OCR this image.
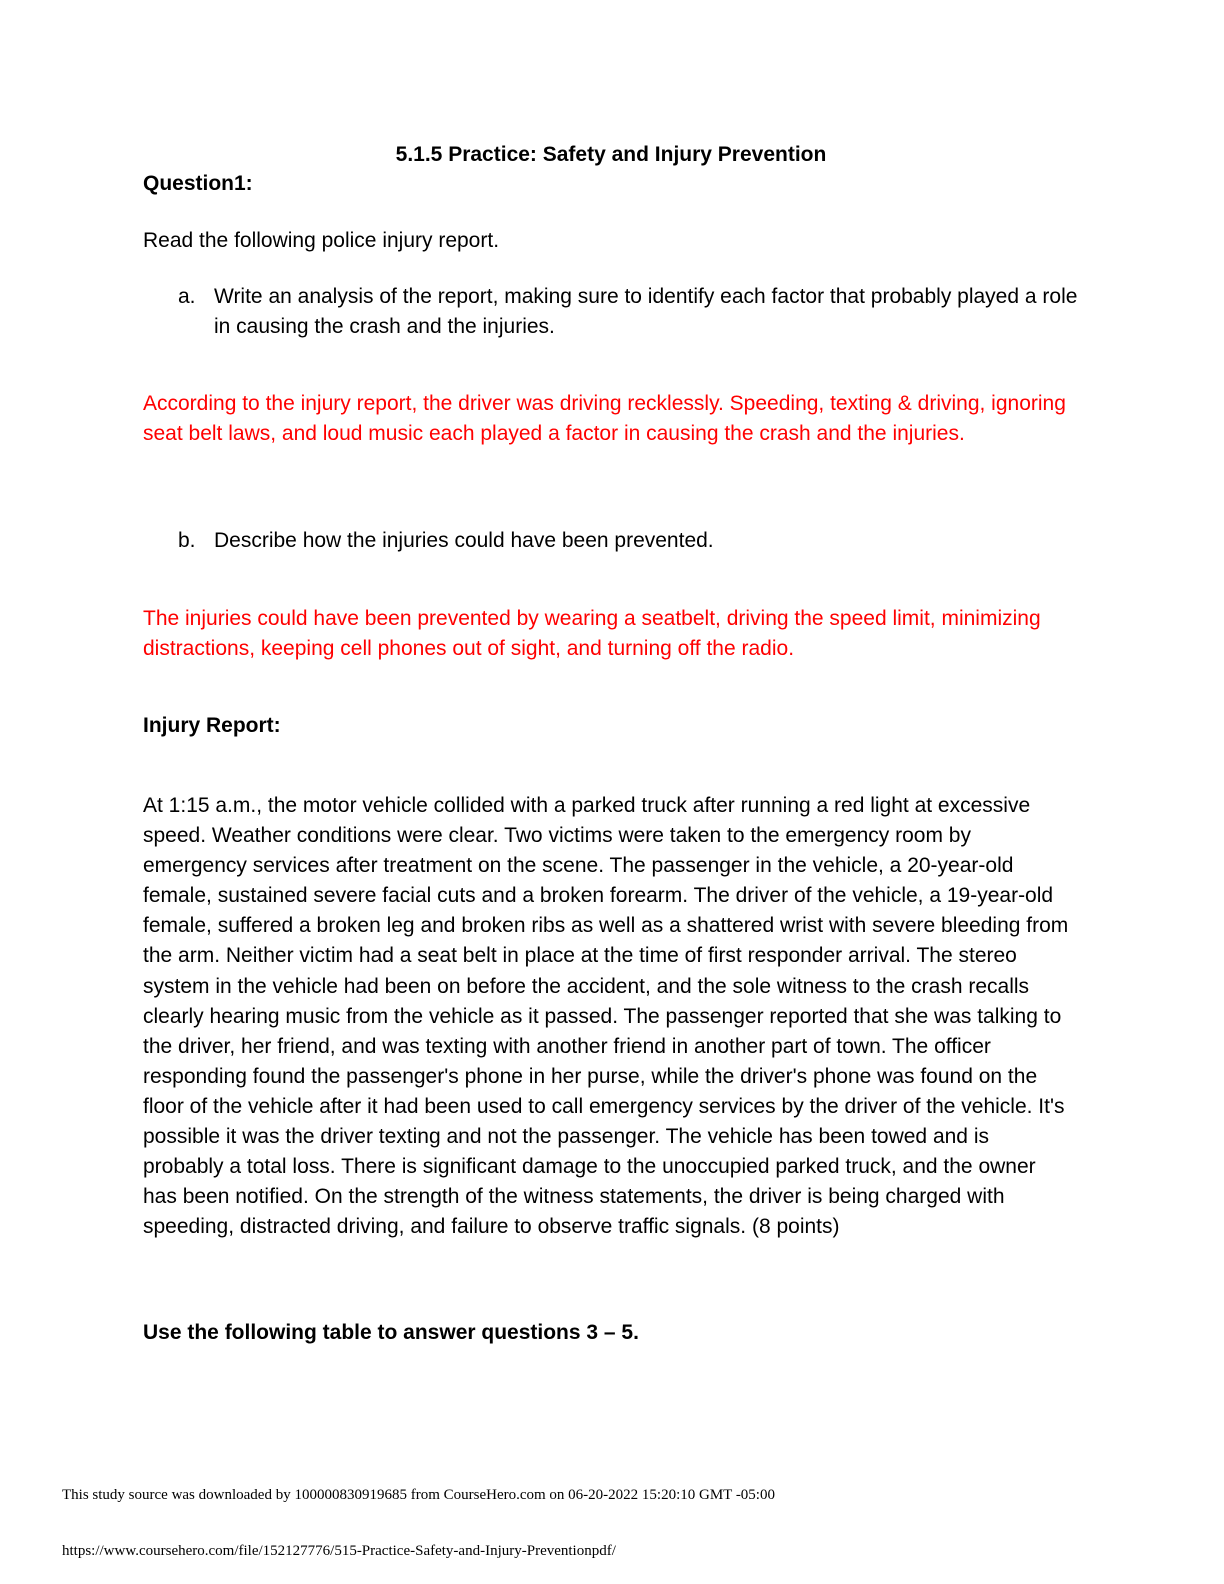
5.1.5 Practice: Safety and Injury Prevention
Question1:
Read the following police injury report.
a. Write an analysis of the report, making sure to identify each factor that probably played a role in causing the crash and the injuries.
According to the injury report, the driver was driving recklessly. Speeding, texting & driving, ignoring seat belt laws, and loud music each played a factor in causing the crash and the injuries.
b. Describe how the injuries could have been prevented.
The injuries could have been prevented by wearing a seatbelt, driving the speed limit, minimizing distractions, keeping cell phones out of sight, and turning off the radio.
Injury Report:
At 1:15 a.m., the motor vehicle collided with a parked truck after running a red light at excessive speed. Weather conditions were clear. Two victims were taken to the emergency room by emergency services after treatment on the scene. The passenger in the vehicle, a 20-year-old female, sustained severe facial cuts and a broken forearm. The driver of the vehicle, a 19-year-old female, suffered a broken leg and broken ribs as well as a shattered wrist with severe bleeding from the arm. Neither victim had a seat belt in place at the time of first responder arrival. The stereo system in the vehicle had been on before the accident, and the sole witness to the crash recalls clearly hearing music from the vehicle as it passed. The passenger reported that she was talking to the driver, her friend, and was texting with another friend in another part of town. The officer responding found the passenger's phone in her purse, while the driver's phone was found on the floor of the vehicle after it had been used to call emergency services by the driver of the vehicle. It's possible it was the driver texting and not the passenger. The vehicle has been towed and is probably a total loss. There is significant damage to the unoccupied parked truck, and the owner has been notified. On the strength of the witness statements, the driver is being charged with speeding, distracted driving, and failure to observe traffic signals. (8 points)
Use the following table to answer questions 3 – 5.
This study source was downloaded by 100000830919685 from CourseHero.com on 06-20-2022 15:20:10 GMT -05:00
https://www.coursehero.com/file/152127776/515-Practice-Safety-and-Injury-Preventionpdf/
